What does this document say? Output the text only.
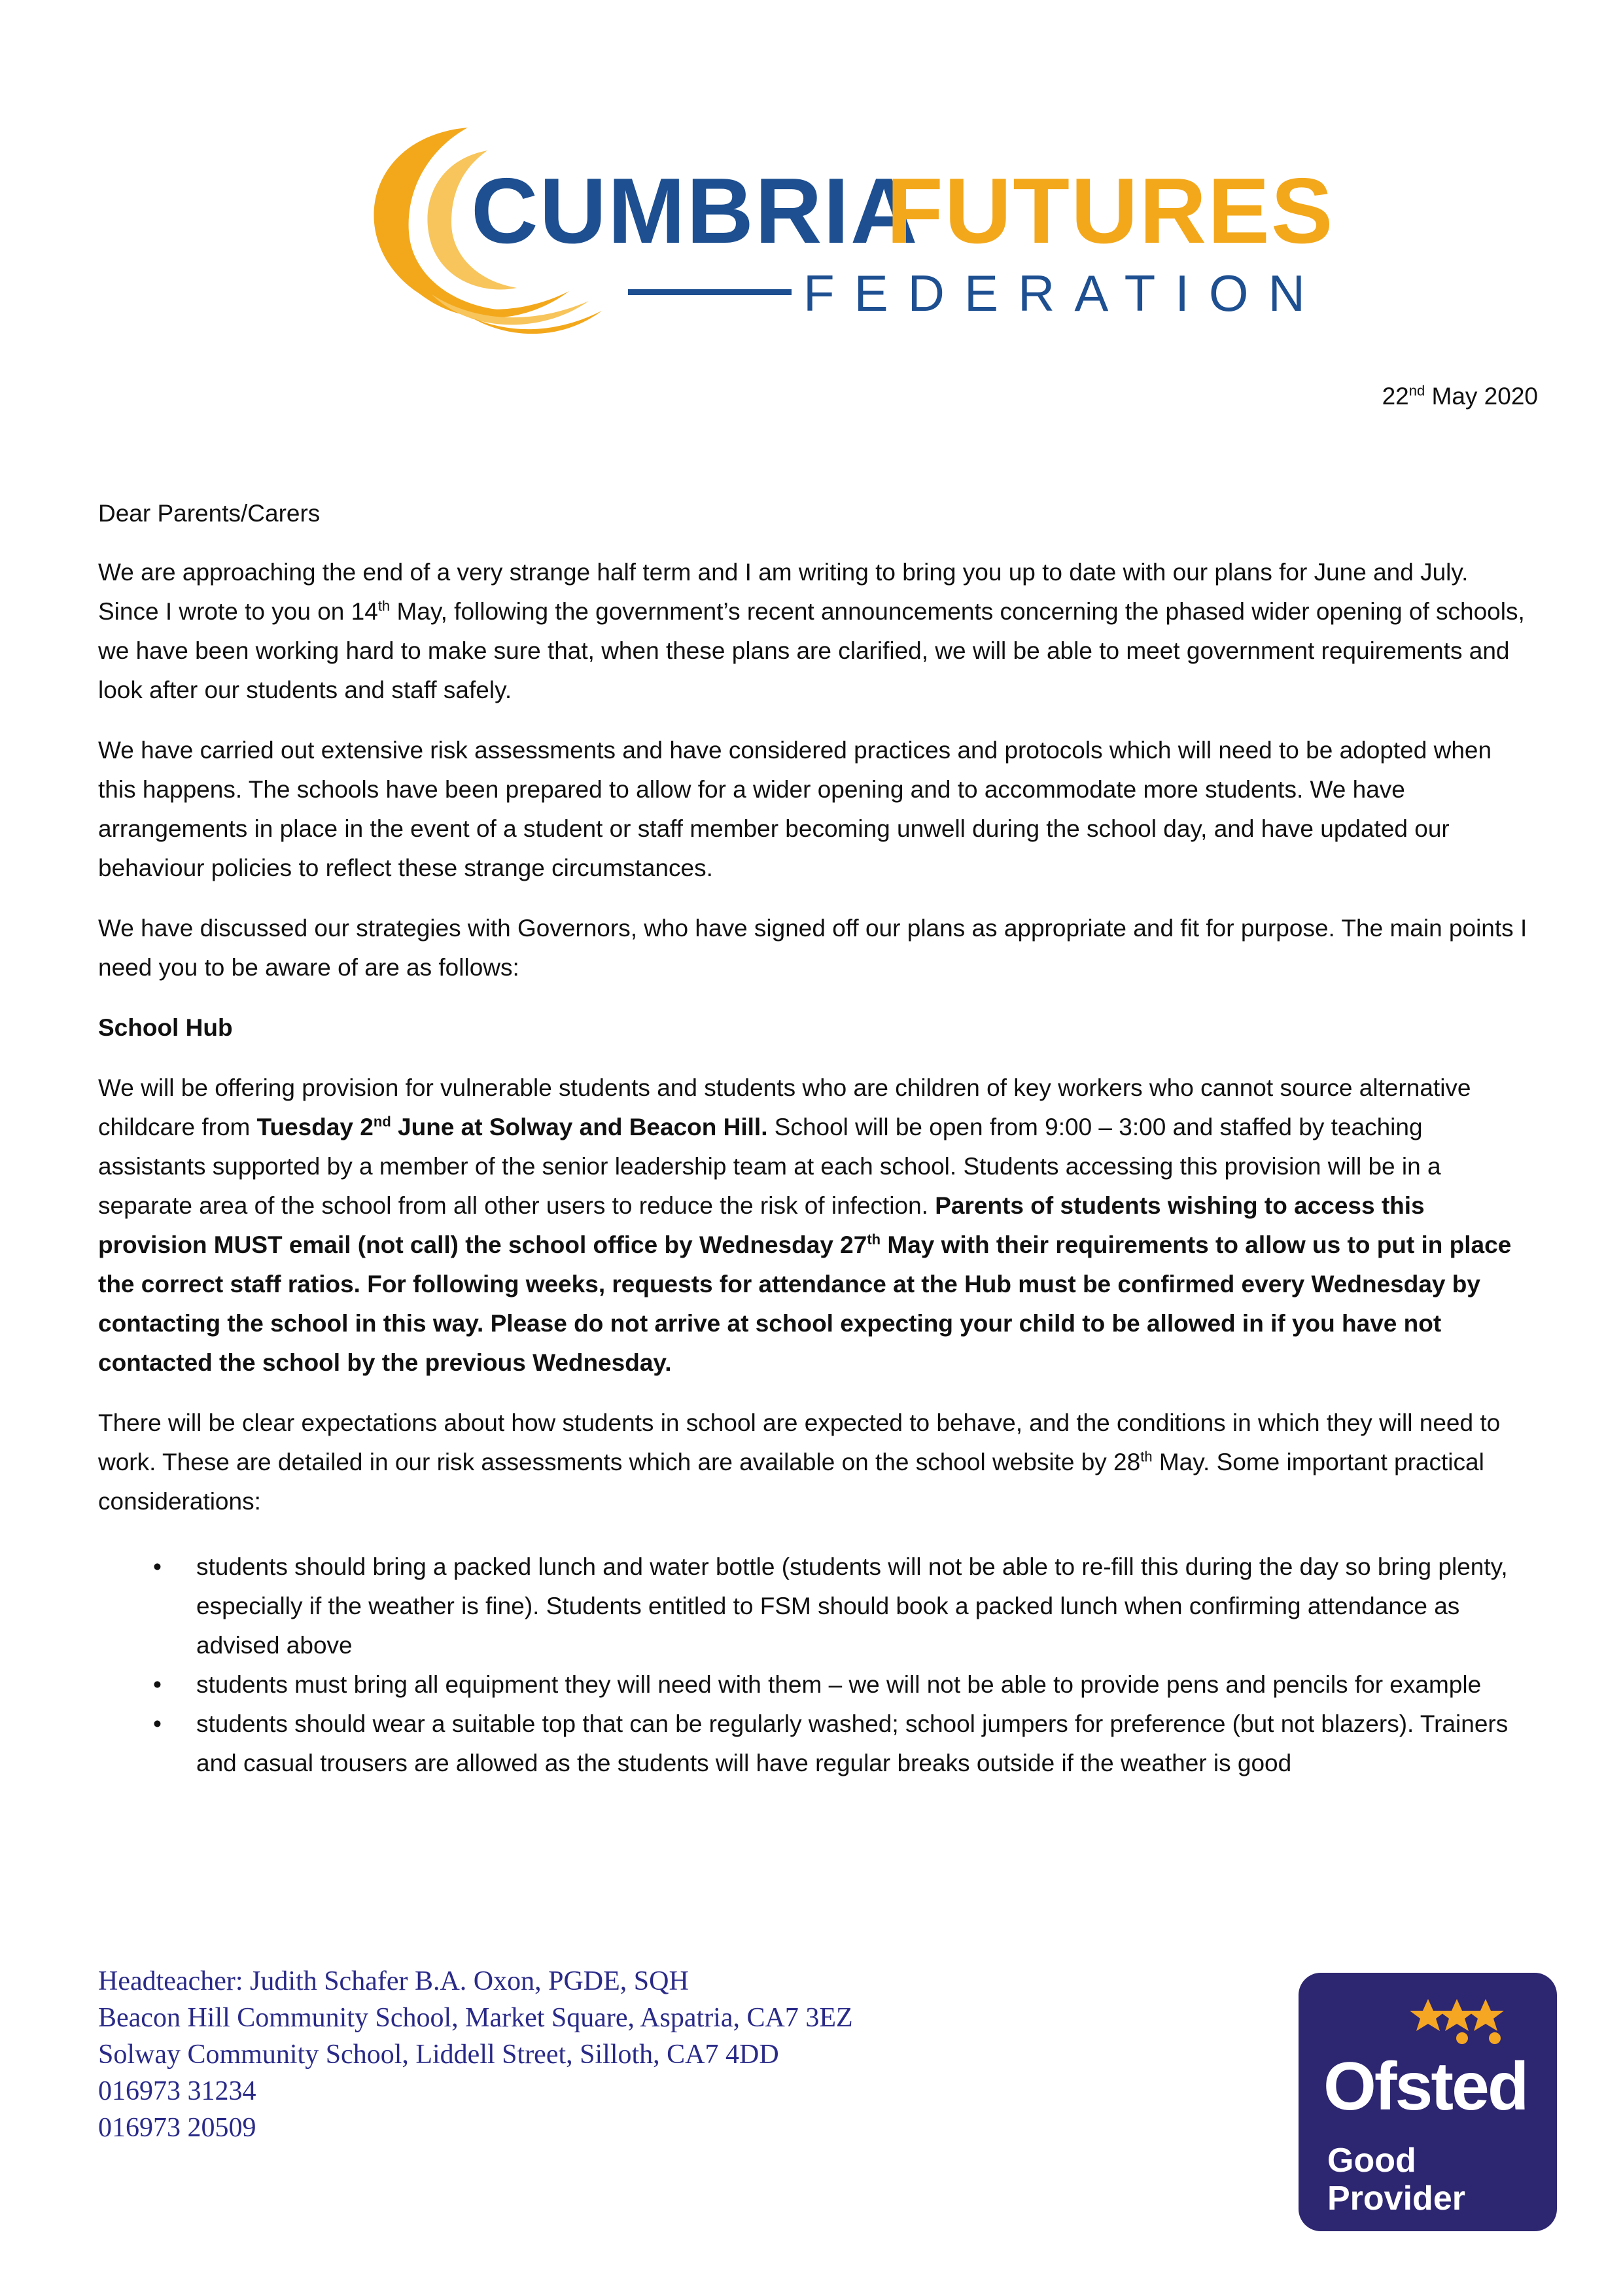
CUMBRIA
FUTURES
FEDERATION
22nd May 2020

Dear Parents/Carers

We are approaching the end of a very strange half term and I am writing to bring you up to date with our plans for June and July. Since I wrote to you on 14th May, following the government’s recent announcements concerning the phased wider opening of schools, we have been working hard to make sure that, when these plans are clarified, we will be able to meet government requirements and look after our students and staff safely.

We have carried out extensive risk assessments and have considered practices and protocols which will need to be adopted when this happens. The schools have been prepared to allow for a wider opening and to accommodate more students. We have arrangements in place in the event of a student or staff member becoming unwell during the school day, and have updated our behaviour policies to reflect these strange circumstances.

We have discussed our strategies with Governors, who have signed off our plans as appropriate and fit for purpose. The main points I need you to be aware of are as follows:

School Hub

We will be offering provision for vulnerable students and students who are children of key workers who cannot source alternative childcare from Tuesday 2nd June at Solway and Beacon Hill. School will be open from 9:00 – 3:00 and staffed by teaching assistants supported by a member of the senior leadership team at each school. Students accessing this provision will be in a separate area of the school from all other users to reduce the risk of infection. Parents of students wishing to access this provision MUST email (not call) the school office by Wednesday 27th May with their requirements to allow us to put in place the correct staff ratios. For following weeks, requests for attendance at the Hub must be confirmed every Wednesday by contacting the school in this way. Please do not arrive at school expecting your child to be allowed in if you have not contacted the school by the previous Wednesday.

There will be clear expectations about how students in school are expected to behave, and the conditions in which they will need to work. These are detailed in our risk assessments which are available on the school website by 28th May. Some important practical considerations:

• students should bring a packed lunch and water bottle (students will not be able to re-fill this during the day so bring plenty, especially if the weather is fine). Students entitled to FSM should book a packed lunch when confirming attendance as advised above
• students must bring all equipment they will need with them – we will not be able to provide pens and pencils for example
• students should wear a suitable top that can be regularly washed; school jumpers for preference (but not blazers). Trainers and casual trousers are allowed as the students will have regular breaks outside if the weather is good
Headteacher: Judith Schafer B.A. Oxon, PGDE, SQH
Beacon Hill Community School, Market Square, Aspatria, CA7 3EZ
Solway Community School, Liddell Street, Silloth, CA7 4DD
016973 31234
016973 20509
Ofsted
Good
Provider
